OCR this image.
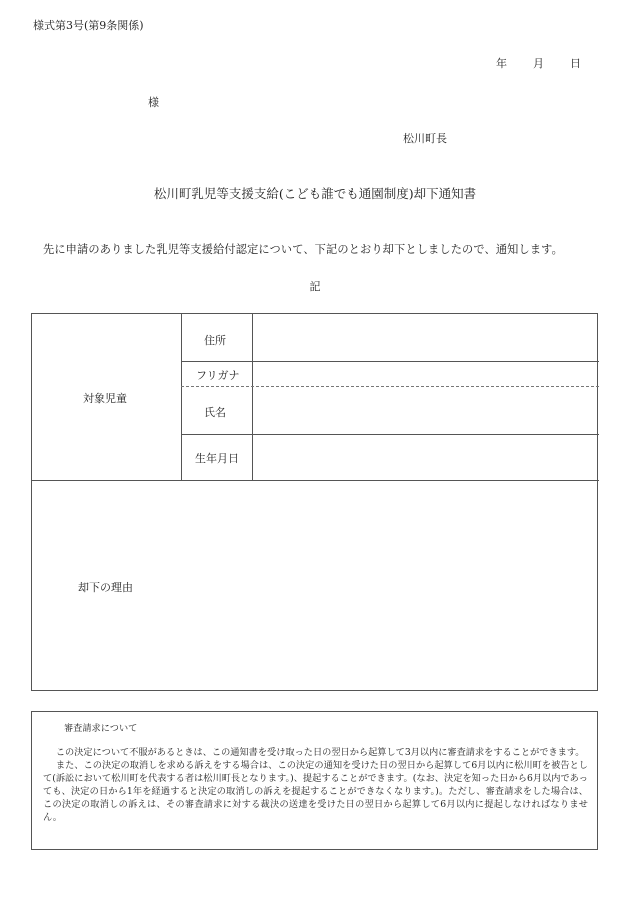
様式第3号(第9条関係)
年 月 日
様
松川町長
松川町乳児等支援支給(こども誰でも通園制度)却下通知書
先に申請のありました乳児等支援給付認定について、下記のとおり却下としましたので、通知します。
記
対象児童
住所
フリガナ
氏名
生年月日
却下の理由
審査請求について

この決定について不服があるときは、この通知書を受け取った日の翌日から起算して3月以内に審査請求をすることができます。

また、この決定の取消しを求める訴えをする場合は、この決定の通知を受けた日の翌日から起算して6月以内に松川町を被告として(訴訟において松川町を代表する者は松川町長となります。)、提起することができます。(なお、決定を知った日から6月以内であっても、決定の日から1年を経過すると決定の取消しの訴えを提起することができなくなります。)。ただし、審査請求をした場合は、この決定の取消しの訴えは、その審査請求に対する裁決の送達を受けた日の翌日から起算して6月以内に提起しなければなりません。
